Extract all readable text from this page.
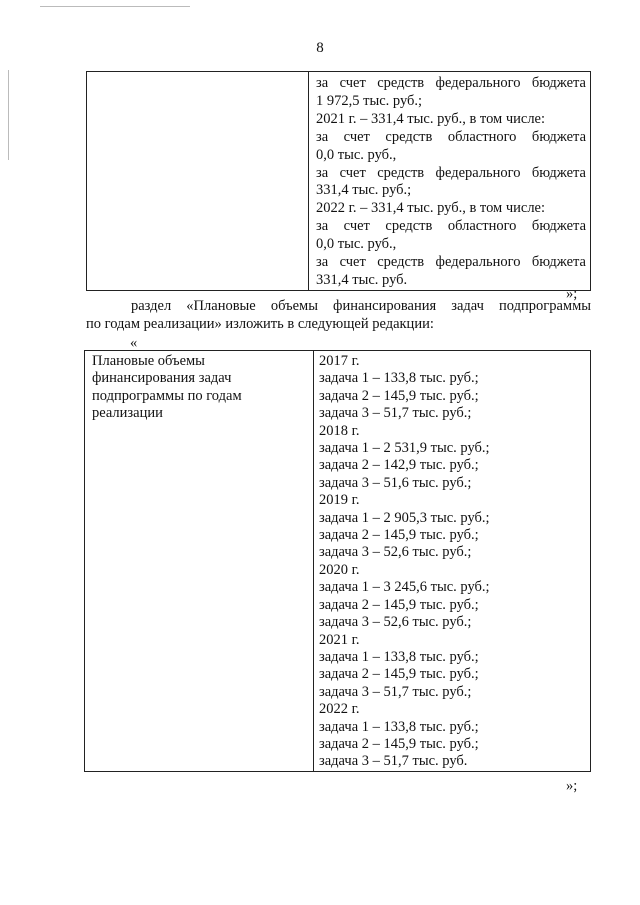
8

за счет средств федерального бюджета
1 972,5 тыс. руб.;
2021 г. – 331,4 тыс. руб., в том числе:
за счет средств областного бюджета
0,0 тыс. руб.,
за счет средств федерального бюджета
331,4 тыс. руб.;
2022 г. – 331,4 тыс. руб., в том числе:
за счет средств областного бюджета
0,0 тыс. руб.,
за счет средств федерального бюджета
331,4 тыс. руб.
»;
раздел «Плановые объемы финансирования задач подпрограммы
по годам реализации» изложить в следующей редакции:
«
Плановые объемы
финансирования задач
подпрограммы по годам
реализации

2017 г.
задача 1 – 133,8 тыс. руб.;
задача 2 – 145,9 тыс. руб.;
задача 3 – 51,7 тыс. руб.;
2018 г.
задача 1 – 2 531,9 тыс. руб.;
задача 2 – 142,9 тыс. руб.;
задача 3 – 51,6 тыс. руб.;
2019 г.
задача 1 – 2 905,3 тыс. руб.;
задача 2 – 145,9 тыс. руб.;
задача 3 – 52,6 тыс. руб.;
2020 г.
задача 1 – 3 245,6 тыс. руб.;
задача 2 – 145,9 тыс. руб.;
задача 3 – 52,6 тыс. руб.;
2021 г.
задача 1 – 133,8 тыс. руб.;
задача 2 – 145,9 тыс. руб.;
задача 3 – 51,7 тыс. руб.;
2022 г.
задача 1 – 133,8 тыс. руб.;
задача 2 – 145,9 тыс. руб.;
задача 3 – 51,7 тыс. руб.
»;
